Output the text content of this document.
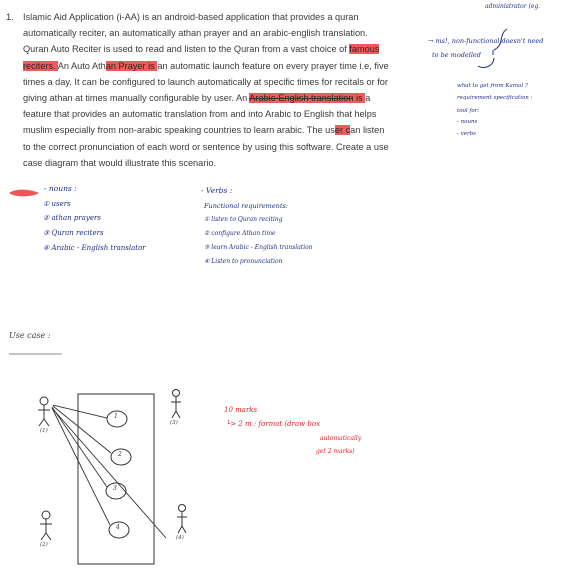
1. Islamic Aid Application (i-AA) is an android-based application that provides a quran
automatically reciter, an automatically athan prayer and an arabic-english translation.
Quran Auto Reciter is used to read and listen to the Quran from a vast choice of famous
reciters. An Auto Athan Prayer is an automatic launch feature on every prayer time i.e, five
times a day. It can be configured to launch automatically at specific times for recitals or for
giving athan at times manually configurable by user. An Arabic-English translation is a
feature that provides an automatic translation from and into Arabic to English that helps
muslim especially from non-arabic speaking countries to learn arabic. The user can listen
to the correct pronunciation of each word or sentence by using this software. Create a use
case diagram that would illustrate this scenario.
administrator (eg.
→ ms!, non-functional doesn't need
to be modelled
what to get from Kamal ?
requirement specification :
tool for:
- nouns
- verbs
- nouns :
① users
② athan prayers
③ Quran reciters
④ Arabic - English translator
- Verbs :
Functional requirements:
① listen to Quran reciting
② configure Athan time
③ learn Arabic - English translation
④ Listen to pronunciation
Use case :
1
2
3
4
(1)
(2)
(3)
(4)
10 marks
└> 2 m : format (draw box
automatically
get 2 marks)
